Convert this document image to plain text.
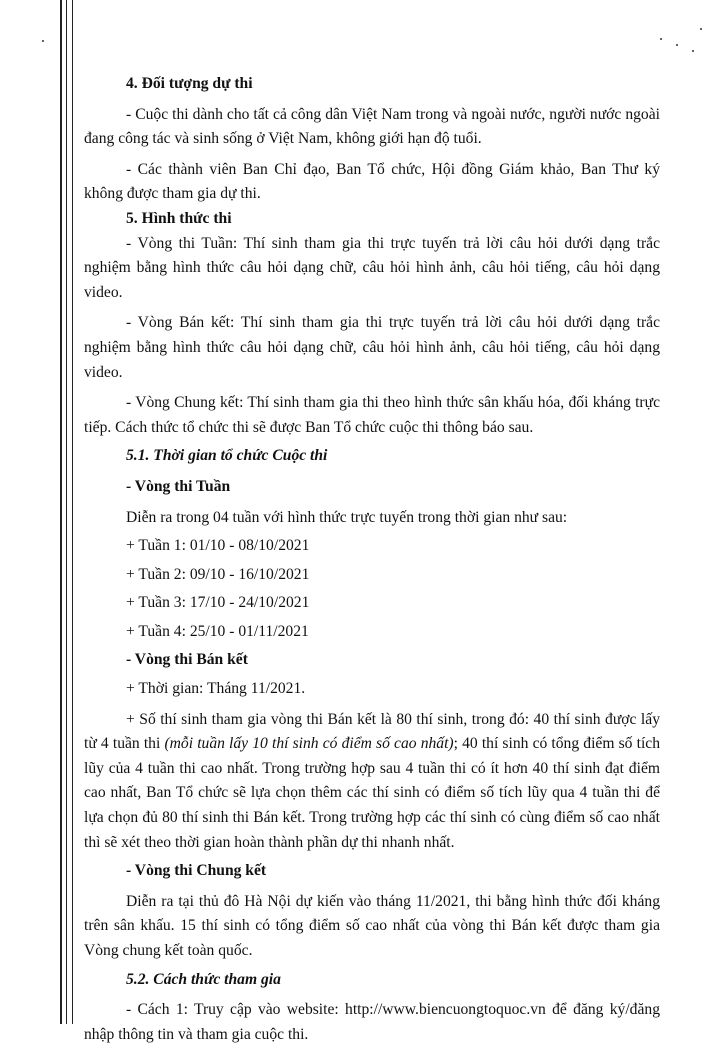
4. Đối tượng dự thi

- Cuộc thi dành cho tất cả công dân Việt Nam trong và ngoài nước, người nước ngoài đang công tác và sinh sống ở Việt Nam, không giới hạn độ tuổi.

- Các thành viên Ban Chỉ đạo, Ban Tổ chức, Hội đồng Giám khảo, Ban Thư ký không được tham gia dự thi.

5. Hình thức thi

- Vòng thi Tuần: Thí sinh tham gia thi trực tuyến trả lời câu hỏi dưới dạng trắc nghiệm bằng hình thức câu hỏi dạng chữ, câu hỏi hình ảnh, câu hỏi tiếng, câu hỏi dạng video.

- Vòng Bán kết: Thí sinh tham gia thi trực tuyến trả lời câu hỏi dưới dạng trắc nghiệm bằng hình thức câu hỏi dạng chữ, câu hỏi hình ảnh, câu hỏi tiếng, câu hỏi dạng video.

- Vòng Chung kết: Thí sinh tham gia thi theo hình thức sân khấu hóa, đối kháng trực tiếp. Cách thức tổ chức thi sẽ được Ban Tổ chức cuộc thi thông báo sau.

5.1. Thời gian tổ chức Cuộc thi

- Vòng thi Tuần

Diễn ra trong 04 tuần với hình thức trực tuyến trong thời gian như sau:

+ Tuần 1: 01/10 - 08/10/2021

+ Tuần 2: 09/10 - 16/10/2021

+ Tuần 3: 17/10 - 24/10/2021

+ Tuần 4: 25/10 - 01/11/2021

- Vòng thi Bán kết

+ Thời gian: Tháng 11/2021.

+ Số thí sinh tham gia vòng thi Bán kết là 80 thí sinh, trong đó: 40 thí sinh được lấy từ 4 tuần thi (mỗi tuần lấy 10 thí sinh có điểm số cao nhất); 40 thí sinh có tổng điểm số tích lũy của 4 tuần thi cao nhất. Trong trường hợp sau 4 tuần thi có ít hơn 40 thí sinh đạt điểm cao nhất, Ban Tổ chức sẽ lựa chọn thêm các thí sinh có điểm số tích lũy qua 4 tuần thi để lựa chọn đủ 80 thí sinh thi Bán kết. Trong trường hợp các thí sinh có cùng điểm số cao nhất thì sẽ xét theo thời gian hoàn thành phần dự thi nhanh nhất.

- Vòng thi Chung kết

Diễn ra tại thủ đô Hà Nội dự kiến vào tháng 11/2021, thi bằng hình thức đối kháng trên sân khấu. 15 thí sinh có tổng điểm số cao nhất của vòng thi Bán kết được tham gia Vòng chung kết toàn quốc.

5.2. Cách thức tham gia

- Cách 1: Truy cập vào website: http://www.biencuongtoquoc.vn để đăng ký/đăng nhập thông tin và tham gia cuộc thi.
